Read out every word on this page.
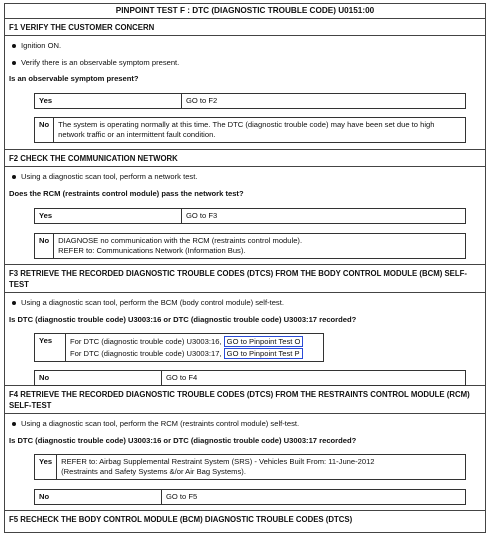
PINPOINT TEST F : DTC (DIAGNOSTIC TROUBLE CODE) U0151:00
F1 VERIFY THE CUSTOMER CONCERN
Ignition ON.
Verify there is an observable symptom present.
Is an observable symptom present?
Yes	GO to F2
No	The system is operating normally at this time. The DTC (diagnostic trouble code) may have been set due to high network traffic or an intermittent fault condition.
F2 CHECK THE COMMUNICATION NETWORK
Using a diagnostic scan tool, perform a network test.
Does the RCM (restraints control module) pass the network test?
Yes	GO to F3
No	DIAGNOSE no communication with the RCM (restraints control module).
REFER to: Communications Network (Information Bus).
F3 RETRIEVE THE RECORDED DIAGNOSTIC TROUBLE CODES (DTCS) FROM THE BODY CONTROL MODULE (BCM) SELF-TEST
Using a diagnostic scan tool, perform the BCM (body control module) self-test.
Is DTC (diagnostic trouble code) U3003:16 or DTC (diagnostic trouble code) U3003:17 recorded?
Yes	For DTC (diagnostic trouble code) U3003:16, GO to Pinpoint Test O
For DTC (diagnostic trouble code) U3003:17, GO to Pinpoint Test P
No	GO to F4
F4 RETRIEVE THE RECORDED DIAGNOSTIC TROUBLE CODES (DTCS) FROM THE RESTRAINTS CONTROL MODULE (RCM) SELF-TEST
Using a diagnostic scan tool, perform the RCM (restraints control module) self-test.
Is DTC (diagnostic trouble code) U3003:16 or DTC (diagnostic trouble code) U3003:17 recorded?
Yes	REFER to: Airbag Supplemental Restraint System (SRS) - Vehicles Built From: 11-June-2012
(Restraints and Safety Systems &/or Air Bag Systems).
No	GO to F5
F5 RECHECK THE BODY CONTROL MODULE (BCM) DIAGNOSTIC TROUBLE CODES (DTCS)
